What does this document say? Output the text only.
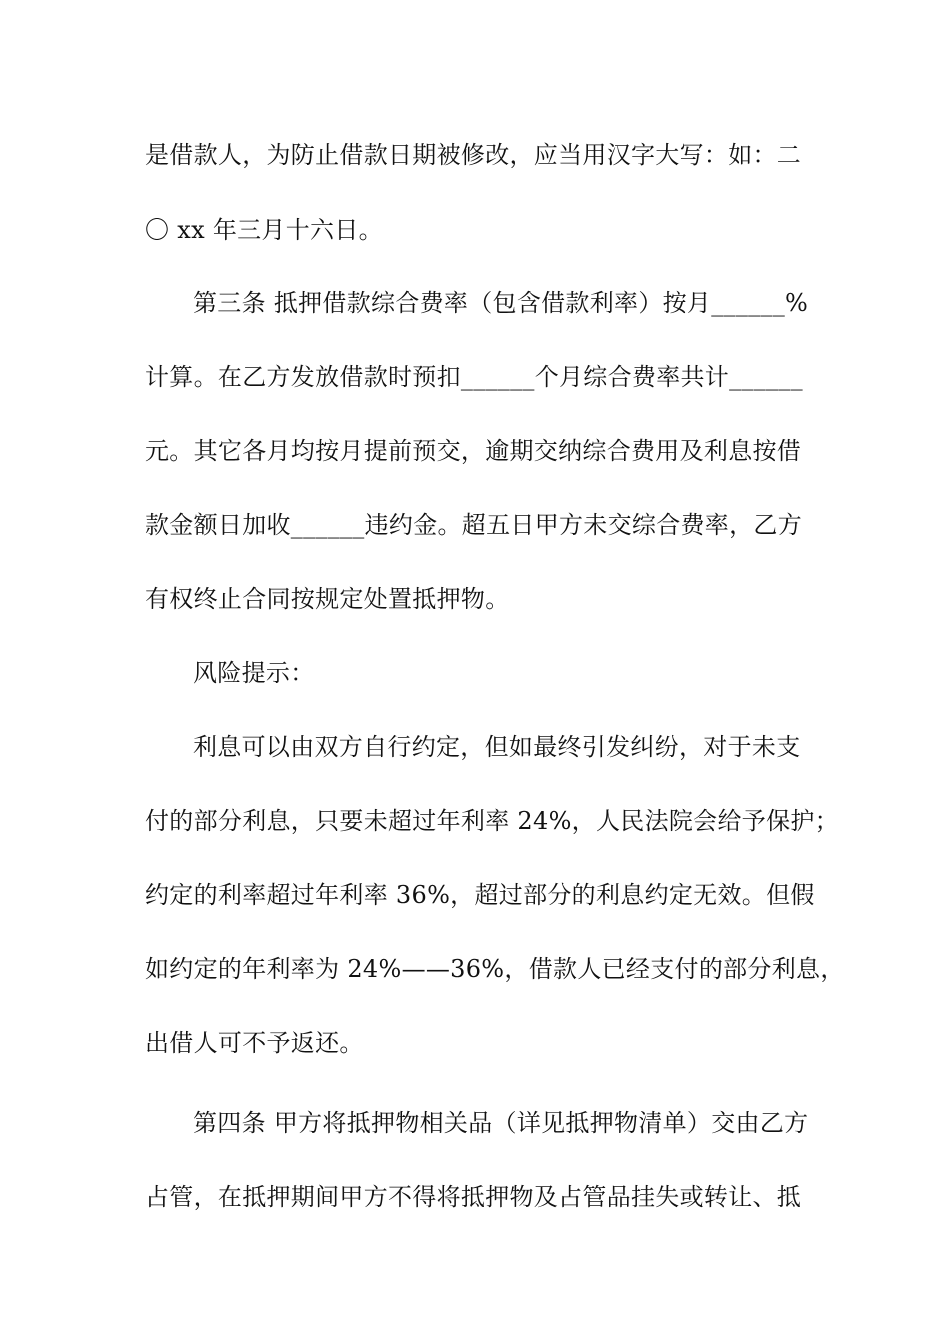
是借款人，为防止借款日期被修改，应当用汉字大写：如：二
〇 xx 年三月十六日。
第三条 抵押借款综合费率（包含借款利率）按月______%
计算。在乙方发放借款时预扣______个月综合费率共计______
元。其它各月均按月提前预交，逾期交纳综合费用及利息按借
款金额日加收______违约金。超五日甲方未交综合费率，乙方
有权终止合同按规定处置抵押物。
风险提示：
利息可以由双方自行约定，但如最终引发纠纷，对于未支
付的部分利息，只要未超过年利率 24%，人民法院会给予保护；
约定的利率超过年利率 36%，超过部分的利息约定无效。但假
如约定的年利率为 24%——36%，借款人已经支付的部分利息，
出借人可不予返还。
第四条 甲方将抵押物相关品（详见抵押物清单）交由乙方
占管，在抵押期间甲方不得将抵押物及占管品挂失或转让、抵
